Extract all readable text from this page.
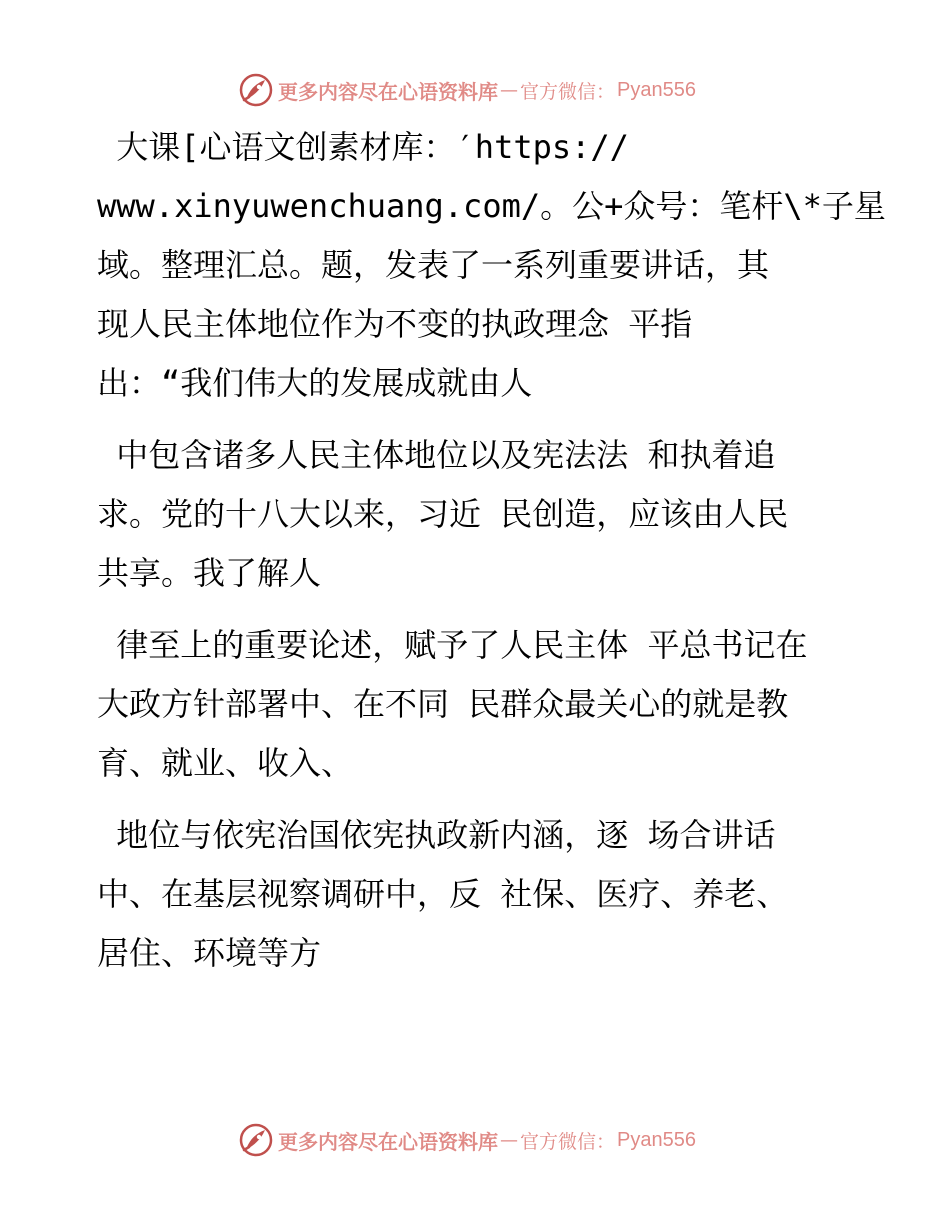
更多内容尽在心语资料库 — 官方微信： Pyan556
大课[心语文创素材库：′https://
www.xinyuwenchuang.com/。公+众号：笔杆\*子星
域。整理汇总。题，发表了一系列重要讲话，其
现人民主体地位作为不变的执政理念 平指
出：“我们伟大的发展成就由人
中包含诸多人民主体地位以及宪法法 和执着追
求。党的十八大以来，习近 民创造，应该由人民
共享。我了解人
律至上的重要论述，赋予了人民主体 平总书记在
大政方针部署中、在不同 民群众最关心的就是教
育、就业、收入、
地位与依宪治国依宪执政新内涵，逐 场合讲话
中、在基层视察调研中，反 社保、医疗、养老、
居住、环境等方
更多内容尽在心语资料库 — 官方微信： Pyan556
